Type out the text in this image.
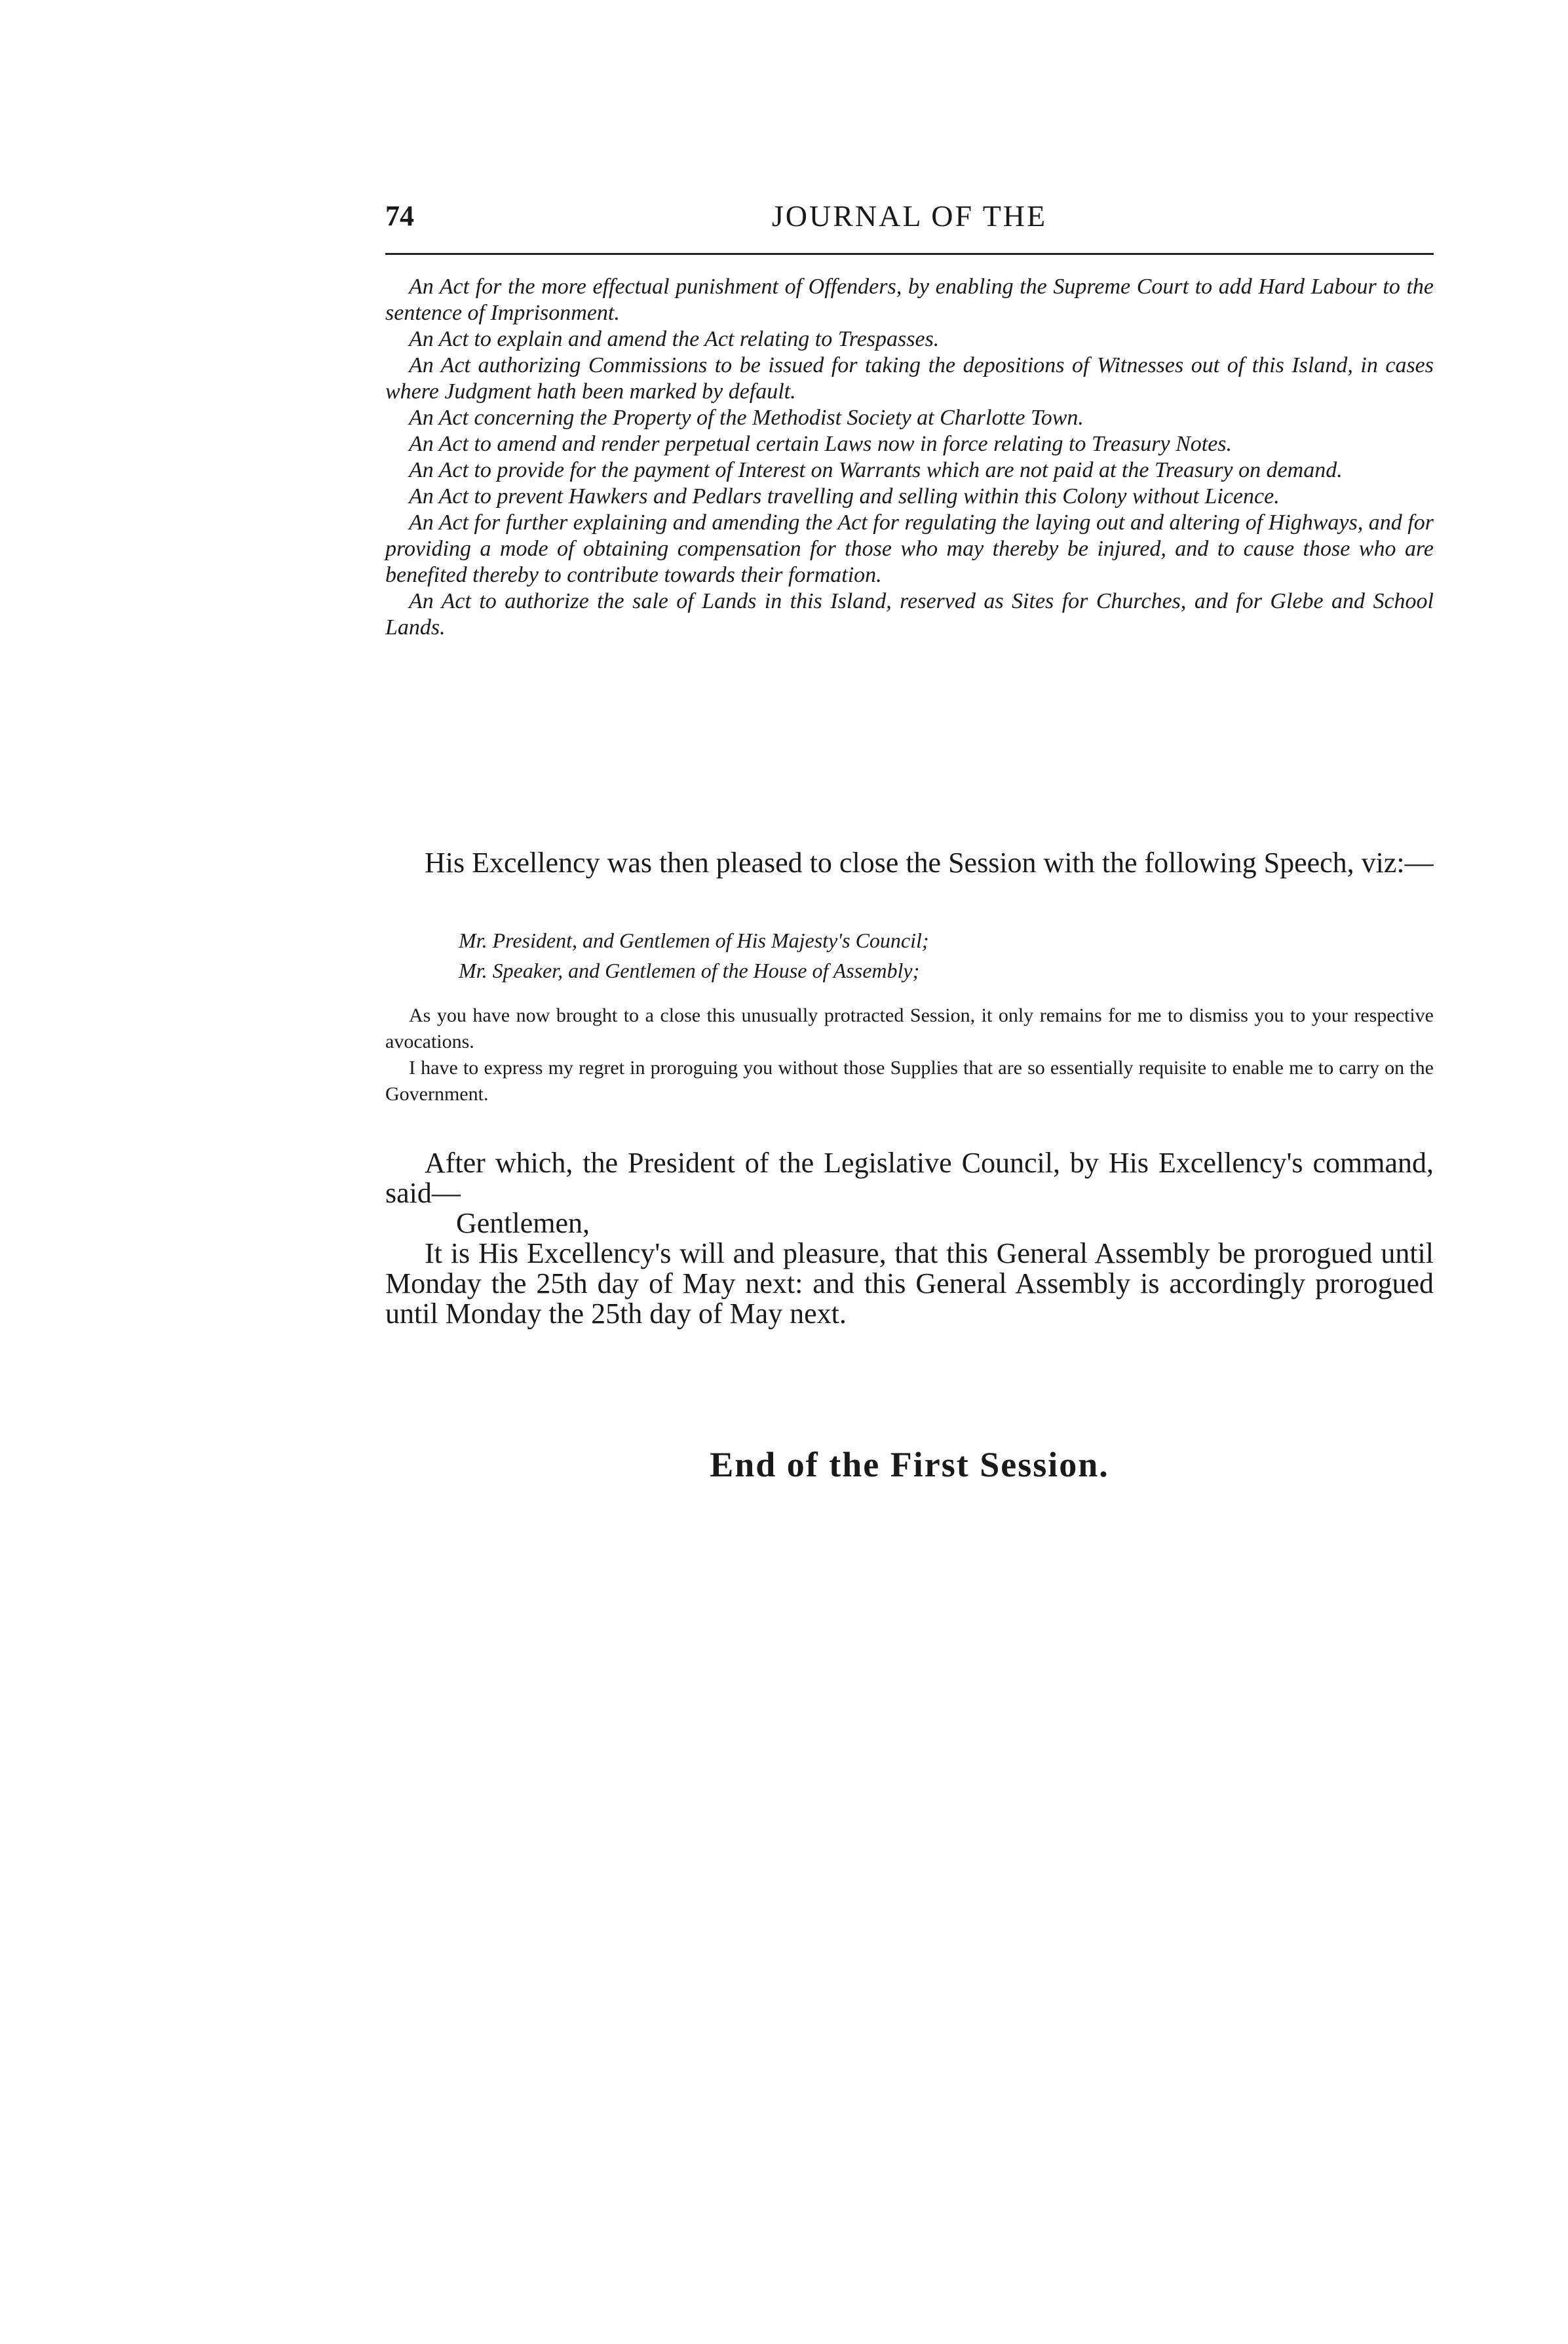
74	JOURNAL OF THE

An Act for the more effectual punishment of Offenders, by enabling the Supreme Court to add Hard Labour to the sentence of Imprisonment.

An Act to explain and amend the Act relating to Trespasses.

An Act authorizing Commissions to be issued for taking the depositions of Witnesses out of this Island, in cases where Judgment hath been marked by default.

An Act concerning the Property of the Methodist Society at Charlotte Town.

An Act to amend and render perpetual certain Laws now in force relating to Treasury Notes.

An Act to provide for the payment of Interest on Warrants which are not paid at the Treasury on demand.

An Act to prevent Hawkers and Pedlars travelling and selling within this Colony without Licence.

An Act for further explaining and amending the Act for regulating the laying out and altering of Highways, and for providing a mode of obtaining compensation for those who may thereby be injured, and to cause those who are benefited thereby to contribute towards their formation.

An Act to authorize the sale of Lands in this Island, reserved as Sites for Churches, and for Glebe and School Lands.

His Excellency was then pleased to close the Session with the following Speech, viz:—

Mr. President, and Gentlemen of His Majesty's Council;

Mr. Speaker, and Gentlemen of the House of Assembly;

As you have now brought to a close this unusually protracted Session, it only remains for me to dismiss you to your respective avocations.

I have to express my regret in proroguing you without those Supplies that are so essentially requisite to enable me to carry on the Government.

After which, the President of the Legislative Council, by His Excellency's command, said—

Gentlemen,

It is His Excellency's will and pleasure, that this General Assembly be prorogued until Monday the 25th day of May next: and this General Assembly is accordingly prorogued until Monday the 25th day of May next.

End of the First Session.
